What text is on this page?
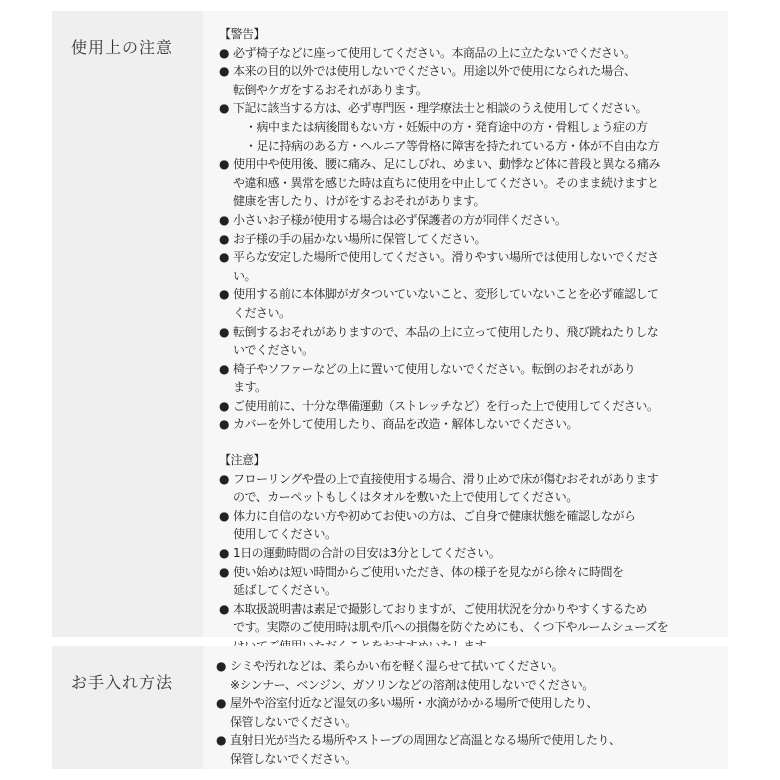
使用上の注意
【警告】
● 必ず椅子などに座って使用してください。本商品の上に立たないでください。
● 本来の目的以外では使用しないでください。用途以外で使用になられた場合、
転倒やケガをするおそれがあります。
● 下記に該当する方は、必ず専門医・理学療法士と相談のうえ使用してください。
・病中または病後間もない方・妊娠中の方・発育途中の方・骨粗しょう症の方
・足に持病のある方・ヘルニア等骨格に障害を持たれている方・体が不自由な方
● 使用中や使用後、腰に痛み、足にしびれ、めまい、動悸など体に普段と異なる痛み
や違和感・異常を感じた時は直ちに使用を中止してください。そのまま続けますと
健康を害したり、けがをするおそれがあります。
● 小さいお子様が使用する場合は必ず保護者の方が同伴ください。
● お子様の手の届かない場所に保管してください。
● 平らな安定した場所で使用してください。滑りやすい場所では使用しないでくださ
い。
● 使用する前に本体脚がガタついていないこと、変形していないことを必ず確認して
ください。
● 転倒するおそれがありますので、本品の上に立って使用したり、飛び跳ねたりしな
いでください。
● 椅子やソファーなどの上に置いて使用しないでください。転倒のおそれがあり
ます。
● ご使用前に、十分な準備運動（ストレッチなど）を行った上で使用してください。
● カバーを外して使用したり、商品を改造・解体しないでください。
【注意】
● フローリングや畳の上で直接使用する場合、滑り止めで床が傷むおそれがあります
ので、カーペットもしくはタオルを敷いた上で使用してください。
● 体力に自信のない方や初めてお使いの方は、ご自身で健康状態を確認しながら
使用してください。
● 1日の運動時間の合計の目安は3分としてください。
● 使い始めは短い時間からご使用いただき、体の様子を見ながら徐々に時間を
延ばしてください。
● 本取扱説明書は素足で撮影しておりますが、ご使用状況を分かりやすくするため
です。実際のご使用時は肌や爪への損傷を防ぐためにも、くつ下やルームシューズを
お手入れ方法
● シミや汚れなどは、柔らかい布を軽く湿らせて拭いてください。
※シンナー、ベンジン、ガソリンなどの溶剤は使用しないでください。
● 屋外や浴室付近など湿気の多い場所・水滴がかかる場所で使用したり、
保管しないでください。
● 直射日光が当たる場所やストーブの周囲など高温となる場所で使用したり、
保管しないでください。
